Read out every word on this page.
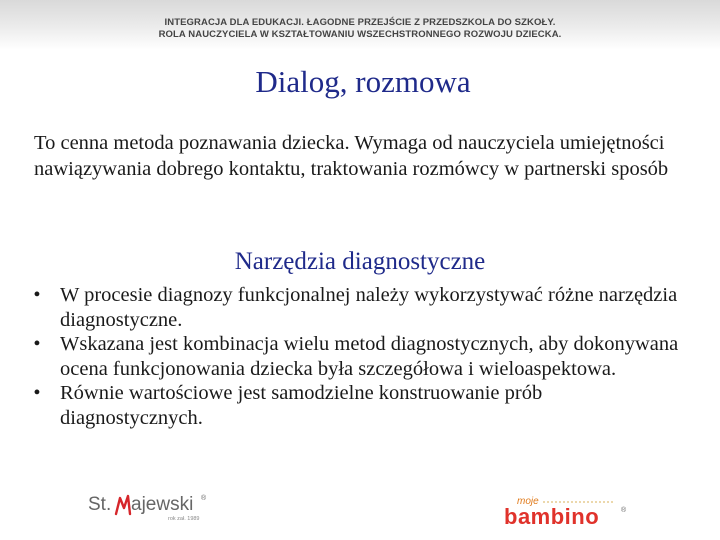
INTEGRACJA DLA EDUKACJI. ŁAGODNE PRZEJŚCIE Z PRZEDSZKOLA DO SZKOŁY.
ROLA NAUCZYCIELA W KSZTAŁTOWANIU WSZECHSTRONNEGO ROZWOJU DZIECKA.
Dialog, rozmowa
To cenna metoda poznawania dziecka. Wymaga od nauczyciela umiejętności nawiązywania dobrego kontaktu, traktowania rozmówcy w partnerski sposób
Narzędzia diagnostyczne
• W procesie diagnozy funkcjonalnej należy wykorzystywać różne narzędzia diagnostyczne.
• Wskazana jest kombinacja wielu metod diagnostycznych, aby dokonywana ocena funkcjonowania dziecka była szczegółowa i wieloaspektowa.
• Równie wartościowe jest samodzielne konstruowanie prób diagnostycznych.
St. ajewski ®
rok zał. 1989
moje
bambino	®
